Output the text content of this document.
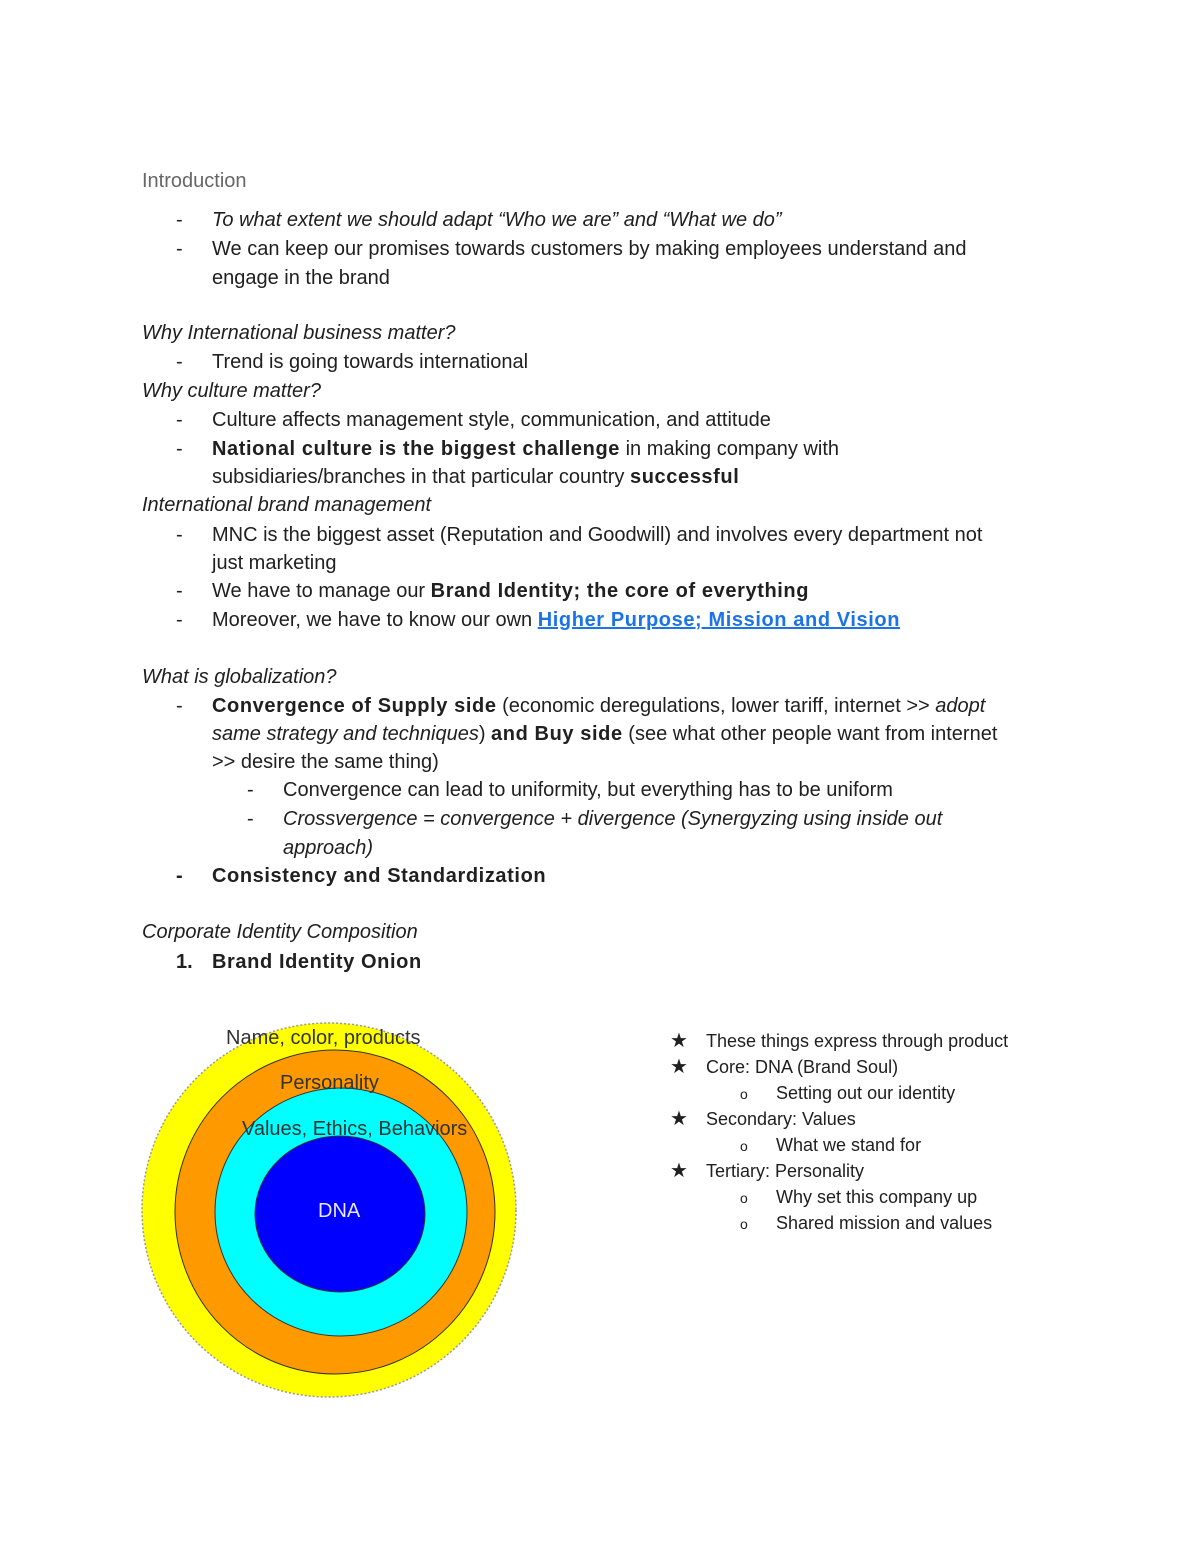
Introduction
-	To what extent we should adapt “Who we are” and “What we do”
-	We can keep our promises towards customers by making employees understand and
engage in the brand
Why International business matter?
-	Trend is going towards international
Why culture matter?
-	Culture affects management style, communication, and attitude
-	National culture is the biggest challenge in making company with
subsidiaries/branches in that particular country successful
International brand management
-	MNC is the biggest asset (Reputation and Goodwill) and involves every department not
just marketing
-	We have to manage our Brand Identity; the core of everything
-	Moreover, we have to know our own Higher Purpose; Mission and Vision
What is globalization?
-	Convergence of Supply side (economic deregulations, lower tariff, internet >> adopt
same strategy and techniques) and Buy side (see what other people want from internet
>> desire the same thing)
-	Convergence can lead to uniformity, but everything has to be uniform
-	Crossvergence = convergence + divergence (Synergyzing using inside out
approach)
-	Consistency and Standardization
Corporate Identity Composition
1. Brand Identity Onion
Name, color, products
Personality
Values, Ethics, Behaviors
DNA
★ These things express through product
★ Core: DNA (Brand Soul)
o Setting out our identity
★ Secondary: Values
o What we stand for
★ Tertiary: Personality
o Why set this company up
o Shared mission and values
